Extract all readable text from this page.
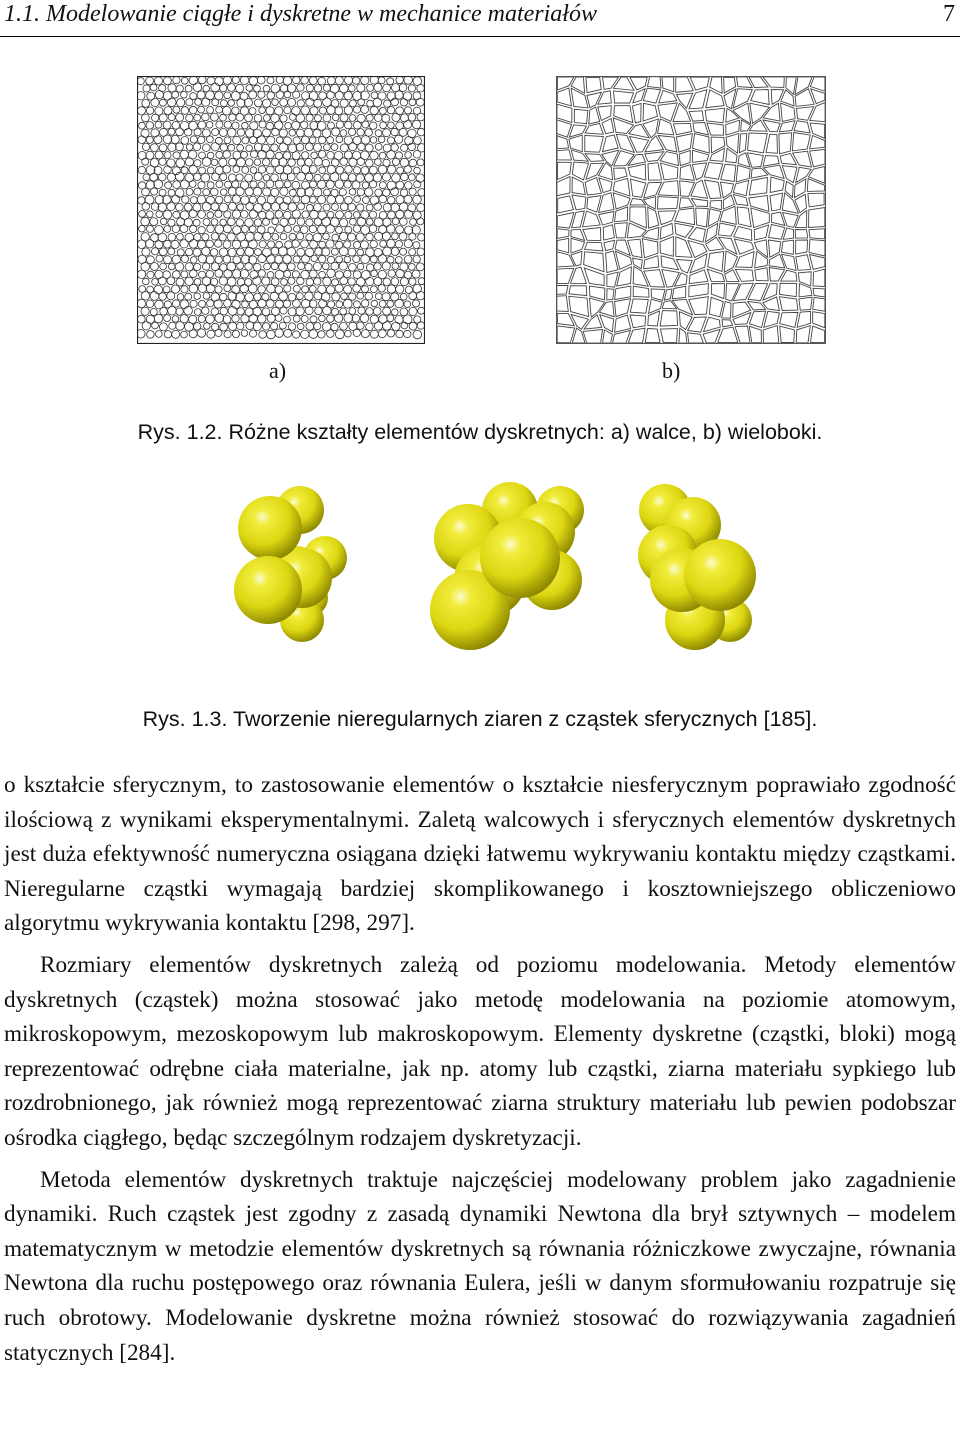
1.1. Modelowanie ciągłe i dyskretne w mechanice materiałów	7
a)	b)
Rys. 1.2. Różne kształty elementów dyskretnych: a) walce, b) wieloboki.
Rys. 1.3. Tworzenie nieregularnych ziaren z cząstek sferycznych [185].

o kształcie sferycznym, to zastosowanie elementów o kształcie niesferycznym poprawiało zgodność ilościową z wynikami eksperymentalnymi. Zaletą walcowych i sferycznych elementów dyskretnych jest duża efektywność numeryczna osiągana dzięki łatwemu wykrywaniu kontaktu między cząstkami. Nieregularne cząstki wymagają bardziej skomplikowanego i kosztowniejszego obliczeniowo algorytmu wykrywania kontaktu [298, 297].

Rozmiary elementów dyskretnych zależą od poziomu modelowania. Metody elementów dyskretnych (cząstek) można stosować jako metodę modelowania na poziomie atomowym, mikroskopowym, mezoskopowym lub makroskopowym. Elementy dyskretne (cząstki, bloki) mogą reprezentować odrębne ciała materialne, jak np. atomy lub cząstki, ziarna materiału sypkiego lub rozdrobnionego, jak również mogą reprezentować ziarna struktury materiału lub pewien podobszar ośrodka ciągłego, będąc szczególnym rodzajem dyskretyzacji.

Metoda elementów dyskretnych traktuje najczęściej modelowany problem jako zagadnienie dynamiki. Ruch cząstek jest zgodny z zasadą dynamiki Newtona dla brył sztywnych – modelem matematycznym w metodzie elementów dyskretnych są równania różniczkowe zwyczajne, równania Newtona dla ruchu postępowego oraz równania Eulera, jeśli w danym sformułowaniu rozpatruje się ruch obrotowy. Modelowanie dyskretne można również stosować do rozwiązywania zagadnień statycznych [284].
